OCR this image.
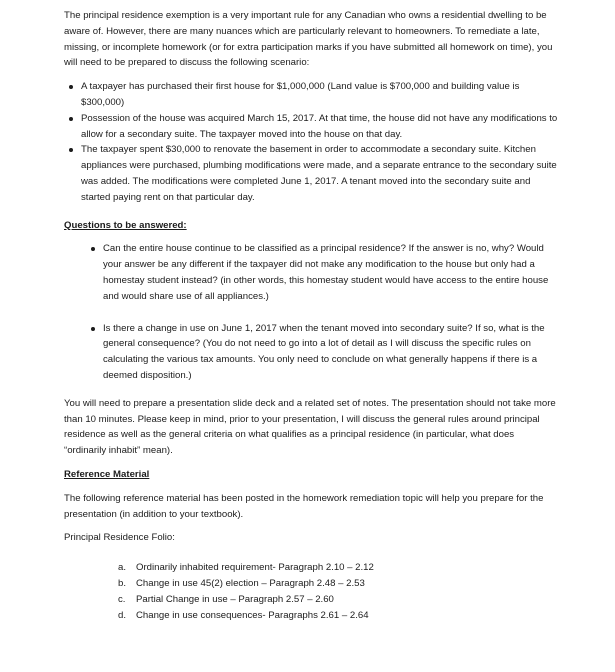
The principal residence exemption is a very important rule for any Canadian who owns a residential dwelling to be aware of. However, there are many nuances which are particularly relevant to homeowners. To remediate a late, missing, or incomplete homework (or for extra participation marks if you have submitted all homework on time), you will need to be prepared to discuss the following scenario:

A taxpayer has purchased their first house for $1,000,000 (Land value is $700,000 and building value is $300,000)
Possession of the house was acquired March 15, 2017. At that time, the house did not have any modifications to allow for a secondary suite. The taxpayer moved into the house on that day.
The taxpayer spent $30,000 to renovate the basement in order to accommodate a secondary suite. Kitchen appliances were purchased, plumbing modifications were made, and a separate entrance to the secondary suite was added. The modifications were completed June 1, 2017. A tenant moved into the secondary suite and started paying rent on that particular day.

Questions to be answered:

Can the entire house continue to be classified as a principal residence? If the answer is no, why? Would your answer be any different if the taxpayer did not make any modification to the house but only had a homestay student instead? (in other words, this homestay student would have access to the entire house and would share use of all appliances.)
Is there a change in use on June 1, 2017 when the tenant moved into secondary suite? If so, what is the general consequence? (You do not need to go into a lot of detail as I will discuss the specific rules on calculating the various tax amounts. You only need to conclude on what generally happens if there is a deemed disposition.)

You will need to prepare a presentation slide deck and a related set of notes. The presentation should not take more than 10 minutes. Please keep in mind, prior to your presentation, I will discuss the general rules around principal residence as well as the general criteria on what qualifies as a principal residence (in particular, what does “ordinarily inhabit” mean).

Reference Material

The following reference material has been posted in the homework remediation topic will help you prepare for the presentation (in addition to your textbook).

Principal Residence Folio:

a.	Ordinarily inhabited requirement- Paragraph 2.10 – 2.12
b.	Change in use 45(2) election – Paragraph 2.48 – 2.53
c.	Partial Change in use – Paragraph 2.57 – 2.60
d.	Change in use consequences- Paragraphs 2.61 – 2.64
